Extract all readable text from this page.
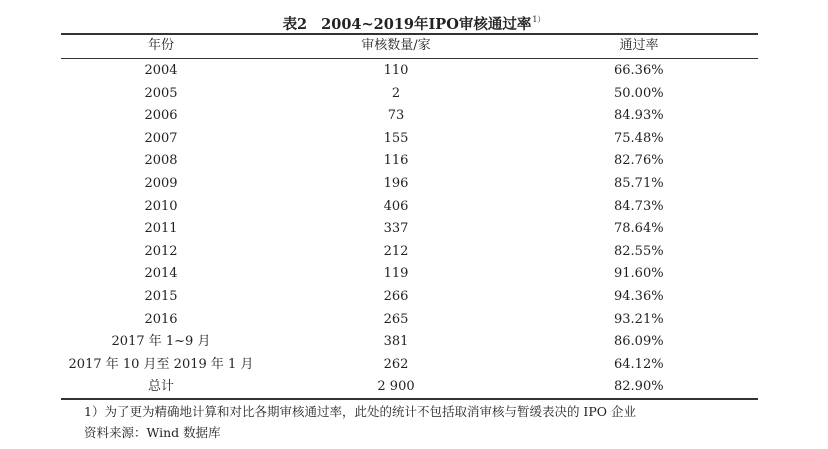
表2 2004~2019年IPO审核通过率$^{1)}$
年份	审核数量/家	通过率
2004	110	66.36%
2005	2	50.00%
2006	73	84.93%
2007	155	75.48%
2008	116	82.76%
2009	196	85.71%
2010	406	84.73%
2011	337	78.64%
2012	212	82.55%
2014	119	91.60%
2015	266	94.36%
2016	265	93.21%
2017 年 1~9 月	381	86.09%
2017 年 10 月至 2019 年 1 月	262	64.12%
总计	2 900	82.90%
1）为了更为精确地计算和对比各期审核通过率，此处的统计不包括取消审核与暂缓表决的 IPO 企业
资料来源：Wind 数据库
